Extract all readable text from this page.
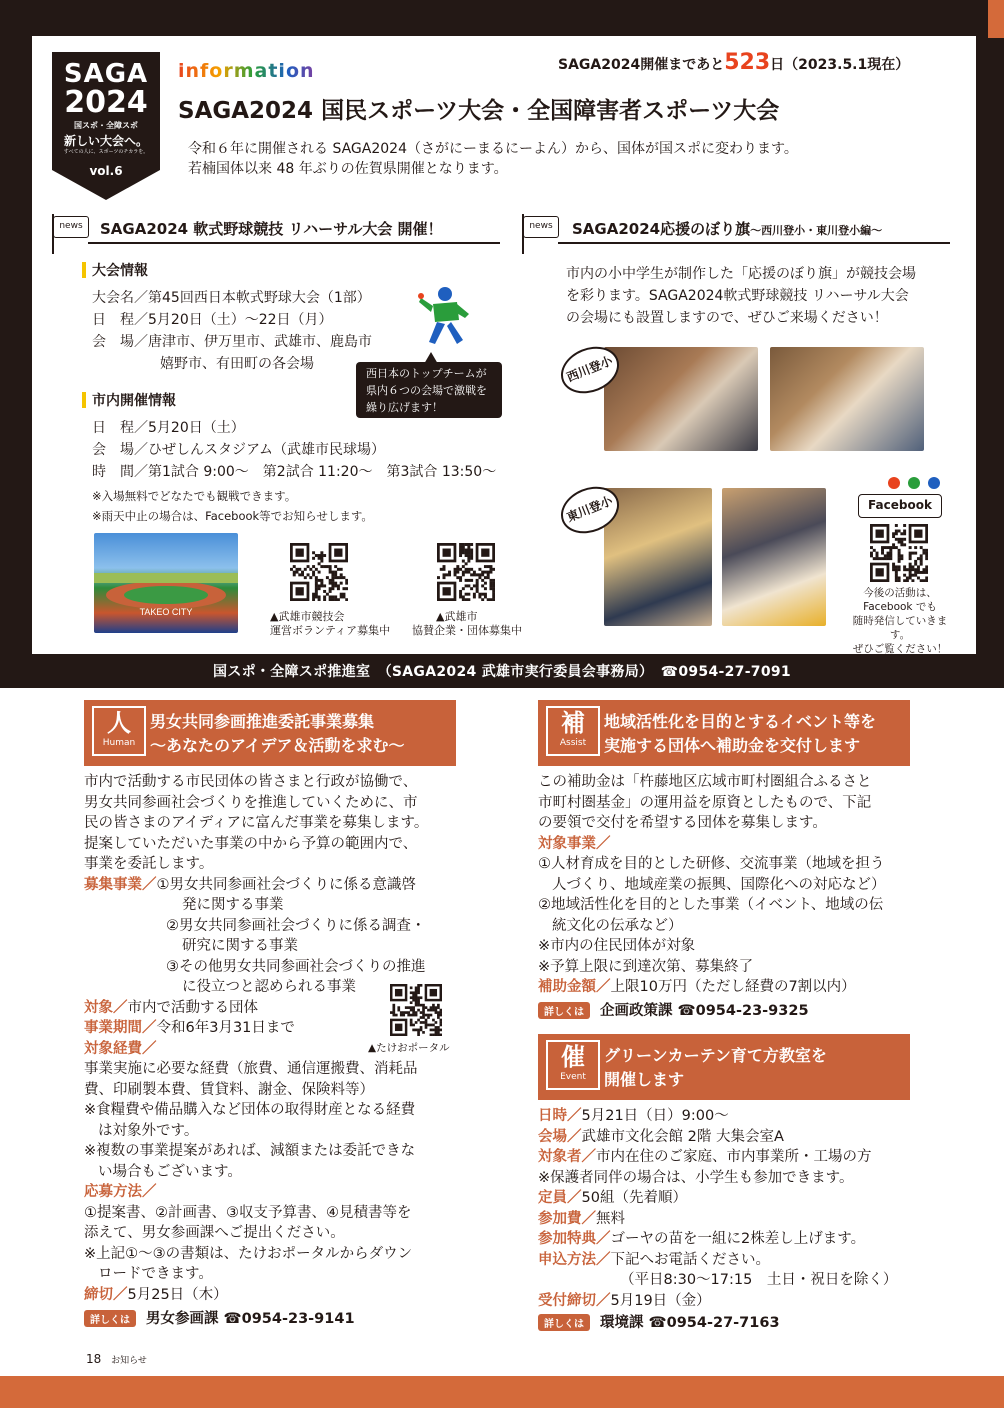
SAGA
2024
国スポ・全障スポ
新しい大会へ。
すべての人に、スポーツのチカラを。
vol.6
information	SAGA2024開催まであと523日（2023.5.1現在）
SAGA2024 国民スポーツ大会・全国障害者スポーツ大会
令和６年に開催される SAGA2024（さがにーまるにーよん）から、国体が国スポに変わります。
若楠国体以来 48 年ぶりの佐賀県開催となります。
news	SAGA2024 軟式野球競技 リハーサル大会 開催！
大会情報
大会名／第45回西日本軟式野球大会（1部）
日　程／5月20日（土）～22日（月）
会　場／唐津市、伊万里市、武雄市、鹿島市
嬉野市、有田町の各会場
西日本のトップチームが
県内６つの会場で激戦を
繰り広げます！
市内開催情報
日　程／5月20日（土）
会　場／ひぜしんスタジアム（武雄市民球場）
時　間／第1試合 9:00～　第2試合 11:20～　第3試合 13:50～
※入場無料でどなたでも観戦できます。
※雨天中止の場合は、Facebook等でお知らせします。
TAKEO CITY	▲武雄市競技会
運営ボランティア募集中
▲武雄市
協賛企業・団体募集中
news	SAGA2024応援のぼり旗～西川登小・東川登小編～
市内の小中学生が制作した「応援のぼり旗」が競技会場
を彩ります。SAGA2024軟式野球競技 リハーサル大会
の会場にも設置しますので、ぜひご来場ください！
西川登小
東川登小	Facebook
今後の活動は、
Facebook でも
随時発信していきます。
ぜひご覧ください！
国スポ・全障スポ推進室　（SAGA2024 武雄市実行委員会事務局）　☎0954-27-7091
人
Human
男女共同参画推進委託事業募集
～あなたのアイデア＆活動を求む～
市内で活動する市民団体の皆さまと行政が協働で、
男女共同参画社会づくりを推進していくために、市
民の皆さまのアイディアに富んだ事業を募集します。
提案していただいた事業の中から予算の範囲内で、
事業を委託します。
募集事業／①男女共同参画社会づくりに係る意識啓
発に関する事業
②男女共同参画社会づくりに係る調査・
研究に関する事業
③その他男女共同参画社会づくりの推進
に役立つと認められる事業
対象／市内で活動する団体
事業期間／令和6年3月31日まで
対象経費／
事業実施に必要な経費（旅費、通信運搬費、消耗品
費、印刷製本費、賃貸料、謝金、保険料等）
※食糧費や備品購入など団体の取得財産となる経費
は対象外です。
※複数の事業提案があれば、減額または委託できな
い場合もございます。
応募方法／
①提案書、②計画書、③収支予算書、④見積書等を
添えて、男女参画課へご提出ください。
※上記①～③の書類は、たけおポータルからダウン
ロードできます。
締切／5月25日（木）
▲たけおポータル
詳しくは	男女参画課 ☎0954-23-9141
補
Assist
地域活性化を目的とするイベント等を
実施する団体へ補助金を交付します
この補助金は「杵藤地区広域市町村圏組合ふるさと
市町村圏基金」の運用益を原資としたもので、下記
の要領で交付を希望する団体を募集します。
対象事業／
①人材育成を目的とした研修、交流事業（地域を担う
人づくり、地域産業の振興、国際化への対応など）
②地域活性化を目的とした事業（イベント、地域の伝
統文化の伝承など）
※市内の住民団体が対象
※予算上限に到達次第、募集終了
補助金額／上限10万円（ただし経費の7割以内）
詳しくは	企画政策課 ☎0954-23-9325
催
Event
グリーンカーテン育て方教室を
開催します
日時／5月21日（日）9:00～
会場／武雄市文化会館 2階 大集会室A
対象者／市内在住のご家庭、市内事業所・工場の方
※保護者同伴の場合は、小学生も参加できます。
定員／50組（先着順）
参加費／無料
参加特典／ゴーヤの苗を一組に2株差し上げます。
申込方法／下記へお電話ください。
（平日8:30～17:15　土日・祝日を除く）
受付締切／5月19日（金）
詳しくは	環境課 ☎0954-27-7163
18 お知らせ
